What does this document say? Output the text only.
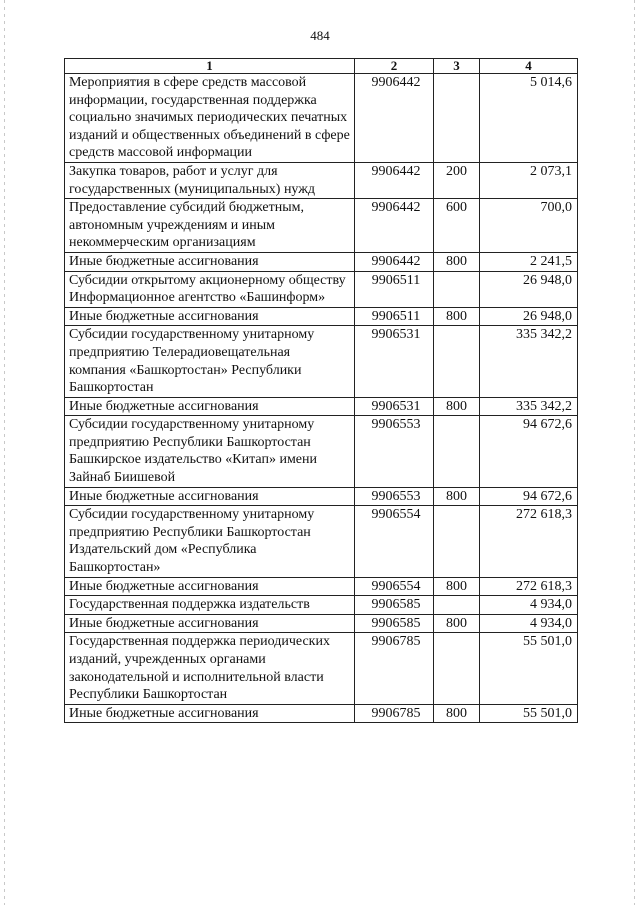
484
1	2	3	4
Мероприятия в сфере средств массовой информации, государственная поддержка социально значимых периодических печатных изданий и общественных объединений в сфере средств массовой информации	9906442		5 014,6
Закупка товаров, работ и услуг для государственных (муниципальных) нужд	9906442	200	2 073,1
Предоставление субсидий бюджетным, автономным учреждениям и иным некоммерческим организациям	9906442	600	700,0
Иные бюджетные ассигнования	9906442	800	2 241,5
Субсидии открытому акционерному обществу Информационное агентство «Башинформ»	9906511		26 948,0
Иные бюджетные ассигнования	9906511	800	26 948,0
Субсидии государственному унитарному предприятию Телерадиовещательная компания «Башкортостан» Республики Башкортостан	9906531		335 342,2
Иные бюджетные ассигнования	9906531	800	335 342,2
Субсидии государственному унитарному предприятию Республики Башкортостан Башкирское издательство «Китап» имени Зайнаб Биишевой	9906553		94 672,6
Иные бюджетные ассигнования	9906553	800	94 672,6
Субсидии государственному унитарному предприятию Республики Башкортостан Издательский дом «Республика Башкортостан»	9906554		272 618,3
Иные бюджетные ассигнования	9906554	800	272 618,3
Государственная поддержка издательств	9906585		4 934,0
Иные бюджетные ассигнования	9906585	800	4 934,0
Государственная поддержка периодических изданий, учрежденных органами законодательной и исполнительной власти Республики Башкортостан	9906785		55 501,0
Иные бюджетные ассигнования	9906785	800	55 501,0
